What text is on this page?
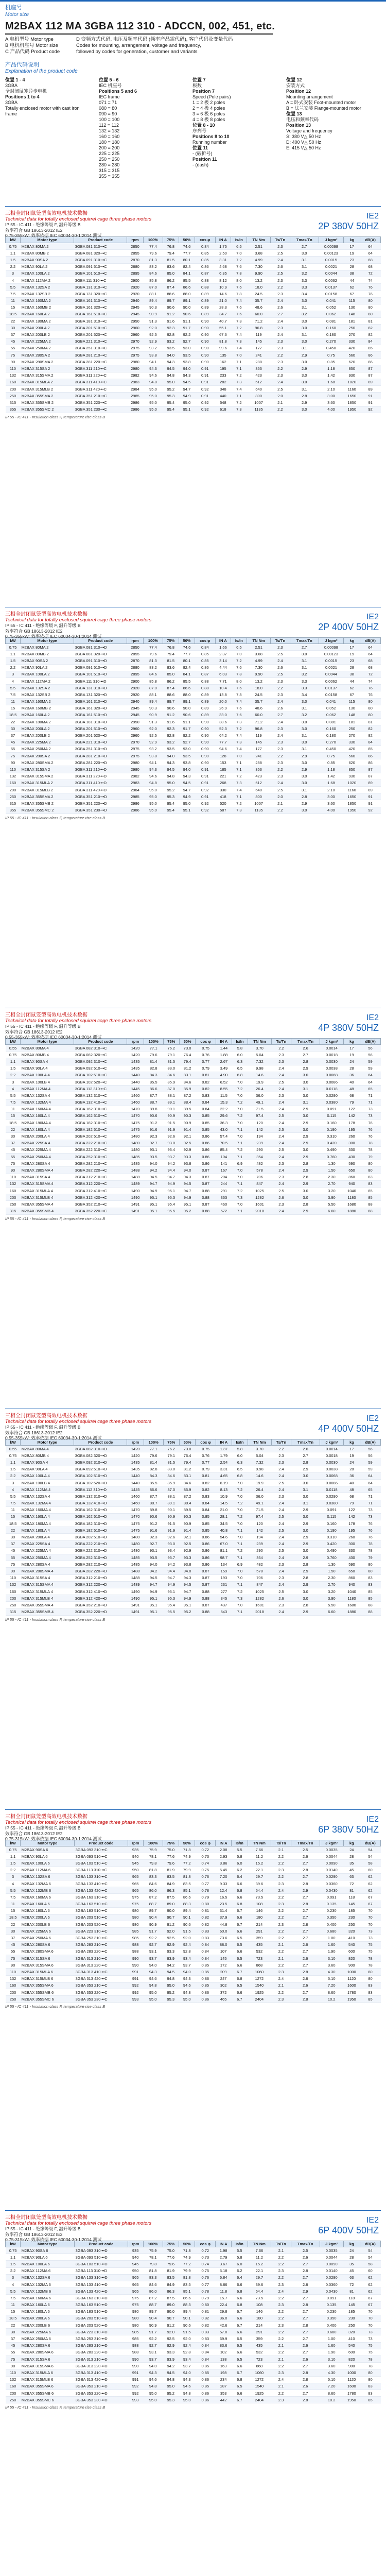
机座号
Motor size
M2BAX 112 MA 3GBA 112 310 - ADCCN, 002, 451, etc.
A 电机型号 Motor type
B 电机机座号 Motor size
C 产品代码 Product code
D 变频方式代码, 电压及频率代码 (频率产品需代码), 客户代码及变量代码
Codes for mounting, arrangement, voltage and frequency,
followed by codes for generation, customer and variants
产品代码说明
Explanation of the product code
位置 1 - 4
3GBA
全封闭鼠笼异步电机
Positions 1 to 4
3GBA
Totally enclosed motor with cast iron frame
位置 5 - 6
IEC 机座号
Positions 5 and 6
IEC frame
071 = 71
080 = 80
090 = 90
100 = 100
112 = 112
132 = 132
160 = 160
180 = 180
200 = 200
225 = 225
250 = 250
280 = 280
315 = 315
355 = 355
位置 7
极数
Position 7
Speed (Pole pairs)
1 = 2 极 2 poles
2 = 4 极 4 poles
3 = 6 极 6 poles
4 = 8 极 8 poles
位置 8 - 10
序列号
Positions 8 to 10
Running number
位置 11
- (破折号)
Position 11
- (dash)
位置 12
安装方式
Position 12
Mounting arrangement
A = 卧式安装 Foot-mounted motor
B = 法兰安装 Flange-mounted motor
位置 13
电压和频率代码
Position 13
Voltage and frequency
S: 380 V△ 50 Hz
D: 400 V△ 50 Hz
E: 415 V△ 50 Hz
三相全封闭鼠笼型高效电机技术数据
Technical data for totally enclosed squirrel cage three phase motors
IP 55 - IC 411 - 绝缘等级 F, 温升等级 B
效率符合 GB 18613-2012 IE2
0.75-355kW: 效率依据 IEC 60034-30-1:2014 测试
IE2
2P 380V 50HZ
kW	Motor type	Product code	rpm	100%	75%	50%	cos φ	IN A	Is/In	TN Nm	Ts/Tn	Tmax/Tn	J kgm²	kg	dB(A)
0.75	M2BAX 80MA 2	3GBA 081 310-••C	2850	77.4	76.8	74.6	0.84	1.75	6.5	2.51	2.3	2.7	0.00098	17	64
1.1	M2BAX 80MB 2	3GBA 081 320-••C	2855	79.6	79.4	77.7	0.85	2.50	7.0	3.68	2.5	3.0	0.00123	19	64
1.5	M2BAX 90SA 2	3GBA 091 310-••C	2870	81.3	81.5	80.1	0.85	3.31	7.2	4.99	2.4	3.1	0.0015	23	68
2.2	M2BAX 90LA 2	3GBA 091 510-••C	2880	83.2	83.6	82.4	0.86	4.68	7.6	7.30	2.6	3.1	0.0021	28	68
3	M2BAX 100LA 2	3GBA 101 510-••C	2895	84.6	85.0	84.1	0.87	6.35	7.8	9.90	2.5	3.2	0.0044	38	72
4	M2BAX 112MA 2	3GBA 111 310-••C	2900	85.8	86.2	85.5	0.88	8.12	8.0	13.2	2.3	3.3	0.0062	44	74
5.5	M2BAX 132SA 2	3GBA 131 310-••C	2920	87.0	87.4	86.6	0.88	10.9	7.6	18.0	2.2	3.3	0.0137	62	76
7.5	M2BAX 132SB 2	3GBA 131 320-••C	2920	88.1	88.6	88.0	0.89	14.6	7.8	24.5	2.3	3.4	0.0158	67	76
11	M2BAX 160MA 2	3GBA 161 310-••C	2940	89.4	89.7	89.1	0.89	21.0	7.4	35.7	2.4	3.0	0.041	115	80
15	M2BAX 160MB 2	3GBA 161 320-••C	2945	90.3	90.6	90.0	0.89	28.3	7.6	48.6	2.6	3.1	0.052	130	80
18.5	M2BAX 160LA 2	3GBA 161 510-••C	2945	90.9	91.2	90.6	0.89	34.7	7.6	60.0	2.7	3.2	0.062	148	80
22	M2BAX 180MA 2	3GBA 181 310-••C	2950	91.3	91.6	91.1	0.90	40.7	7.3	71.2	2.4	3.0	0.081	181	81
30	M2BAX 200LA 2	3GBA 201 510-••C	2960	92.0	92.3	91.7	0.90	55.1	7.2	96.8	2.3	3.0	0.160	250	82
37	M2BAX 200LB 2	3GBA 201 520-••C	2960	92.5	92.8	92.2	0.90	67.6	7.4	119	2.4	3.1	0.180	270	82
45	M2BAX 225MA 2	3GBA 221 310-••C	2970	92.9	93.2	92.7	0.90	81.8	7.3	145	2.3	3.0	0.270	330	84
55	M2BAX 250MA 2	3GBA 251 310-••C	2975	93.2	93.5	93.0	0.90	99.6	7.4	177	2.3	3.1	0.450	420	85
75	M2BAX 280SA 2	3GBA 281 210-••C	2975	93.8	94.0	93.5	0.90	135	7.0	241	2.2	2.9	0.75	560	86
90	M2BAX 280SMA 2	3GBA 281 220-••C	2980	94.1	94.3	93.8	0.90	162	7.1	288	2.3	3.0	0.85	620	86
110	M2BAX 315SA 2	3GBA 311 210-••C	2980	94.3	94.5	94.0	0.91	195	7.1	353	2.2	2.9	1.18	850	87
132	M2BAX 315SMA 2	3GBA 311 220-••C	2982	94.6	94.8	94.3	0.91	233	7.2	423	2.3	3.0	1.42	930	87
160	M2BAX 315MLA 2	3GBA 311 410-••C	2983	94.8	95.0	94.5	0.91	282	7.3	512	2.4	3.0	1.68	1020	89
200	M2BAX 315MLB 2	3GBA 311 420-••C	2984	95.0	95.2	94.7	0.92	348	7.4	640	2.5	3.1	2.10	1160	89
250	M2BAX 355SMA 2	3GBA 351 210-••C	2985	95.0	95.3	94.9	0.91	440	7.1	800	2.0	2.8	3.00	1650	91
315	M2BAX 355SMB 2	3GBA 351 220-••C	2986	95.0	95.4	95.0	0.92	548	7.2	1007	2.1	2.9	3.60	1850	91
355	M2BAX 355SMC 2	3GBA 351 230-••C	2986	95.0	95.4	95.1	0.92	618	7.3	1135	2.2	3.0	4.00	1950	92
IP 55 - IC 411 - Insulation class F, temperature rise class B
三相全封闭鼠笼型高效电机技术数据
Technical data for totally enclosed squirrel cage three phase motors
IP 55 - IC 411 - 绝缘等级 F, 温升等级 B
效率符合 GB 18613-2012 IE2
0.75-355kW: 效率依据 IEC 60034-30-1:2014 测试
IE2
2P 400V 50HZ
kW	Motor type	Product code	rpm	100%	75%	50%	cos φ	IN A	Is/In	TN Nm	Ts/Tn	Tmax/Tn	J kgm²	kg	dB(A)
0.75	M2BAX 80MA 2	3GBA 081 310-••D	2850	77.4	76.8	74.6	0.84	1.66	6.5	2.51	2.3	2.7	0.00098	17	64
1.1	M2BAX 80MB 2	3GBA 081 320-••D	2855	79.6	79.4	77.7	0.85	2.37	7.0	3.68	2.5	3.0	0.00123	19	64
1.5	M2BAX 90SA 2	3GBA 091 310-••D	2870	81.3	81.5	80.1	0.85	3.14	7.2	4.99	2.4	3.1	0.0015	23	68
2.2	M2BAX 90LA 2	3GBA 091 510-••D	2880	83.2	83.6	82.4	0.86	4.44	7.6	7.30	2.6	3.1	0.0021	28	68
3	M2BAX 100LA 2	3GBA 101 510-••D	2895	84.6	85.0	84.1	0.87	6.03	7.8	9.90	2.5	3.2	0.0044	38	72
4	M2BAX 112MA 2	3GBA 111 310-••D	2900	85.8	86.2	85.5	0.88	7.71	8.0	13.2	2.3	3.3	0.0062	44	74
5.5	M2BAX 132SA 2	3GBA 131 310-••D	2920	87.0	87.4	86.6	0.88	10.4	7.6	18.0	2.2	3.3	0.0137	62	76
7.5	M2BAX 132SB 2	3GBA 131 320-••D	2920	88.1	88.6	88.0	0.89	13.8	7.8	24.5	2.3	3.4	0.0158	67	76
11	M2BAX 160MA 2	3GBA 161 310-••D	2940	89.4	89.7	89.1	0.89	20.0	7.4	35.7	2.4	3.0	0.041	115	80
15	M2BAX 160MB 2	3GBA 161 320-••D	2945	90.3	90.6	90.0	0.89	26.9	7.6	48.6	2.6	3.1	0.052	130	80
18.5	M2BAX 160LA 2	3GBA 161 510-••D	2945	90.9	91.2	90.6	0.89	33.0	7.6	60.0	2.7	3.2	0.062	148	80
22	M2BAX 180MA 2	3GBA 181 310-••D	2950	91.3	91.6	91.1	0.90	38.6	7.3	71.2	2.4	3.0	0.081	181	81
30	M2BAX 200LA 2	3GBA 201 510-••D	2960	92.0	92.3	91.7	0.90	52.3	7.2	96.8	2.3	3.0	0.160	250	82
37	M2BAX 200LB 2	3GBA 201 520-••D	2960	92.5	92.8	92.2	0.90	64.2	7.4	119	2.4	3.1	0.180	270	82
45	M2BAX 225MA 2	3GBA 221 310-••D	2970	92.9	93.2	92.7	0.90	77.7	7.3	145	2.3	3.0	0.270	330	84
55	M2BAX 250MA 2	3GBA 251 310-••D	2975	93.2	93.5	93.0	0.90	94.6	7.4	177	2.3	3.1	0.450	420	85
75	M2BAX 280SA 2	3GBA 281 210-••D	2975	93.8	94.0	93.5	0.90	128	7.0	241	2.2	2.9	0.75	560	86
90	M2BAX 280SMA 2	3GBA 281 220-••D	2980	94.1	94.3	93.8	0.90	153	7.1	288	2.3	3.0	0.85	620	86
110	M2BAX 315SA 2	3GBA 311 210-••D	2980	94.3	94.5	94.0	0.91	185	7.1	353	2.2	2.9	1.18	850	87
132	M2BAX 315SMA 2	3GBA 311 220-••D	2982	94.6	94.8	94.3	0.91	221	7.2	423	2.3	3.0	1.42	930	87
160	M2BAX 315MLA 2	3GBA 311 410-••D	2983	94.8	95.0	94.5	0.91	268	7.3	512	2.4	3.0	1.68	1020	89
200	M2BAX 315MLB 2	3GBA 311 420-••D	2984	95.0	95.2	94.7	0.92	330	7.4	640	2.5	3.1	2.10	1160	89
250	M2BAX 355SMA 2	3GBA 351 210-••D	2985	95.0	95.3	94.9	0.91	418	7.1	800	2.0	2.8	3.00	1650	91
315	M2BAX 355SMB 2	3GBA 351 220-••D	2986	95.0	95.4	95.0	0.92	520	7.2	1007	2.1	2.9	3.60	1850	91
355	M2BAX 355SMC 2	3GBA 351 230-••D	2986	95.0	95.4	95.1	0.92	587	7.3	1135	2.2	3.0	4.00	1950	92
IP 55 - IC 411 - Insulation class F, temperature rise class B
三相全封闭鼠笼型高效电机技术数据
Technical data for totally enclosed squirrel cage three phase motors
IP 55 - IC 411 - 绝缘等级 F, 温升等级 B
效率符合 GB 18613-2012 IE2
0.55-355kW: 效率依据 IEC 60034-30-1:2014 测试
IE2
4P 380V 50HZ
kW	Motor type	Product code	rpm	100%	75%	50%	cos φ	IN A	Is/In	TN Nm	Ts/Tn	Tmax/Tn	J kgm²	kg	dB(A)
0.55	M2BAX 80MA 4	3GBA 082 310-••C	1420	77.1	76.2	73.0	0.75	1.44	5.8	3.70	2.2	2.6	0.0014	17	56
0.75	M2BAX 80MB 4	3GBA 082 320-••C	1420	79.6	79.1	76.4	0.76	1.88	6.0	5.04	2.3	2.7	0.0018	19	56
1.1	M2BAX 90SA 4	3GBA 092 310-••C	1435	81.4	81.5	79.4	0.77	2.67	6.3	7.32	2.3	2.8	0.0030	24	59
1.5	M2BAX 90LA 4	3GBA 092 510-••C	1435	82.8	83.0	81.2	0.79	3.49	6.5	9.98	2.4	2.9	0.0038	28	59
2.2	M2BAX 100LA 4	3GBA 102 510-••C	1440	84.3	84.6	83.1	0.81	4.90	6.8	14.6	2.4	3.0	0.0068	36	64
3	M2BAX 100LB 4	3GBA 102 520-••C	1440	85.5	85.9	84.6	0.82	6.52	7.0	19.9	2.5	3.0	0.0086	40	64
4	M2BAX 112MA 4	3GBA 112 310-••C	1445	86.6	87.0	85.9	0.82	8.55	7.2	26.4	2.4	3.1	0.0118	48	65
5.5	M2BAX 132SA 4	3GBA 132 310-••C	1460	87.7	88.1	87.2	0.83	11.5	7.0	36.0	2.3	3.0	0.0290	68	71
7.5	M2BAX 132MA 4	3GBA 132 410-••C	1460	88.7	89.1	88.4	0.84	15.3	7.2	49.1	2.4	3.1	0.0380	79	71
11	M2BAX 160MA 4	3GBA 162 310-••C	1470	89.8	90.1	89.5	0.84	22.2	7.0	71.5	2.4	2.9	0.091	122	73
15	M2BAX 160LA 4	3GBA 162 510-••C	1470	90.6	90.9	90.3	0.85	29.6	7.2	97.4	2.5	3.0	0.115	142	73
18.5	M2BAX 180MA 4	3GBA 182 310-••C	1475	91.2	91.5	90.9	0.85	36.3	7.0	120	2.4	2.9	0.160	178	76
22	M2BAX 180LA 4	3GBA 182 510-••C	1475	91.6	91.9	91.4	0.85	43.0	7.1	142	2.5	3.0	0.190	195	76
30	M2BAX 200LA 4	3GBA 202 510-••C	1480	92.3	92.6	92.1	0.86	57.4	7.0	194	2.4	2.9	0.310	260	76
37	M2BAX 225SA 4	3GBA 222 210-••C	1480	92.7	93.0	92.5	0.86	70.5	7.1	239	2.4	2.9	0.420	300	78
45	M2BAX 225MA 4	3GBA 222 310-••C	1480	93.1	93.4	92.9	0.86	85.4	7.2	290	2.5	3.0	0.490	330	78
55	M2BAX 250MA 4	3GBA 252 310-••C	1485	93.5	93.7	93.3	0.86	104	7.1	354	2.4	2.9	0.760	430	79
75	M2BAX 280SA 4	3GBA 282 210-••C	1485	94.0	94.2	93.8	0.86	141	6.9	482	2.3	2.8	1.30	590	80
90	M2BAX 280SMA 4	3GBA 282 220-••C	1488	94.2	94.4	94.0	0.87	167	7.0	578	2.4	2.9	1.50	650	80
110	M2BAX 315SA 4	3GBA 312 210-••C	1488	94.5	94.7	94.3	0.87	204	7.0	706	2.3	2.8	2.30	860	83
132	M2BAX 315SMA 4	3GBA 312 220-••C	1489	94.7	94.9	94.5	0.87	244	7.1	847	2.4	2.9	2.70	940	83
160	M2BAX 315MLA 4	3GBA 312 410-••C	1490	94.9	95.1	94.7	0.88	291	7.2	1025	2.5	3.0	3.20	1040	85
200	M2BAX 315MLB 4	3GBA 312 420-••C	1490	95.1	95.3	94.9	0.88	363	7.3	1282	2.6	3.0	3.90	1180	85
250	M2BAX 355SMA 4	3GBA 352 210-••C	1491	95.1	95.4	95.1	0.87	460	7.0	1601	2.3	2.8	5.50	1680	88
315	M2BAX 355SMB 4	3GBA 352 220-••C	1491	95.1	95.5	95.2	0.88	572	7.1	2018	2.4	2.9	6.60	1880	88
IP 55 - IC 411 - Insulation class F, temperature rise class B
三相全封闭鼠笼型高效电机技术数据
Technical data for totally enclosed squirrel cage three phase motors
IP 55 - IC 411 - 绝缘等级 F, 温升等级 B
效率符合 GB 18613-2012 IE2
0.55-355kW: 效率依据 IEC 60034-30-1:2014 测试
IE2
4P 400V 50HZ
kW	Motor type	Product code	rpm	100%	75%	50%	cos φ	IN A	Is/In	TN Nm	Ts/Tn	Tmax/Tn	J kgm²	kg	dB(A)
0.55	M2BAX 80MA 4	3GBA 082 310-••D	1420	77.1	76.2	73.0	0.75	1.37	5.8	3.70	2.2	2.6	0.0014	17	56
0.75	M2BAX 80MB 4	3GBA 082 320-••D	1420	79.6	79.1	76.4	0.76	1.79	6.0	5.04	2.3	2.7	0.0018	19	56
1.1	M2BAX 90SA 4	3GBA 092 310-••D	1435	81.4	81.5	79.4	0.77	2.54	6.3	7.32	2.3	2.8	0.0030	24	59
1.5	M2BAX 90LA 4	3GBA 092 510-••D	1435	82.8	83.0	81.2	0.79	3.31	6.5	9.98	2.4	2.9	0.0038	28	59
2.2	M2BAX 100LA 4	3GBA 102 510-••D	1440	84.3	84.6	83.1	0.81	4.65	6.8	14.6	2.4	3.0	0.0068	36	64
3	M2BAX 100LB 4	3GBA 102 520-••D	1440	85.5	85.9	84.6	0.82	6.19	7.0	19.9	2.5	3.0	0.0086	40	64
4	M2BAX 112MA 4	3GBA 112 310-••D	1445	86.6	87.0	85.9	0.82	8.13	7.2	26.4	2.4	3.1	0.0118	48	65
5.5	M2BAX 132SA 4	3GBA 132 310-••D	1460	87.7	88.1	87.2	0.83	10.9	7.0	36.0	2.3	3.0	0.0290	68	71
7.5	M2BAX 132MA 4	3GBA 132 410-••D	1460	88.7	89.1	88.4	0.84	14.5	7.2	49.1	2.4	3.1	0.0380	79	71
11	M2BAX 160MA 4	3GBA 162 310-••D	1470	89.8	90.1	89.5	0.84	21.0	7.0	71.5	2.4	2.9	0.091	122	73
15	M2BAX 160LA 4	3GBA 162 510-••D	1470	90.6	90.9	90.3	0.85	28.1	7.2	97.4	2.5	3.0	0.115	142	73
18.5	M2BAX 180MA 4	3GBA 182 310-••D	1475	91.2	91.5	90.9	0.85	34.5	7.0	120	2.4	2.9	0.160	178	76
22	M2BAX 180LA 4	3GBA 182 510-••D	1475	91.6	91.9	91.4	0.85	40.8	7.1	142	2.5	3.0	0.190	195	76
30	M2BAX 200LA 4	3GBA 202 510-••D	1480	92.3	92.6	92.1	0.86	54.6	7.0	194	2.4	2.9	0.310	260	76
37	M2BAX 225SA 4	3GBA 222 210-••D	1480	92.7	93.0	92.5	0.86	67.0	7.1	239	2.4	2.9	0.420	300	78
45	M2BAX 225MA 4	3GBA 222 310-••D	1480	93.1	93.4	92.9	0.86	81.1	7.2	290	2.5	3.0	0.490	330	78
55	M2BAX 250MA 4	3GBA 252 310-••D	1485	93.5	93.7	93.3	0.86	98.7	7.1	354	2.4	2.9	0.760	430	79
75	M2BAX 280SA 4	3GBA 282 210-••D	1485	94.0	94.2	93.8	0.86	134	6.9	482	2.3	2.8	1.30	590	80
90	M2BAX 280SMA 4	3GBA 282 220-••D	1488	94.2	94.4	94.0	0.87	159	7.0	578	2.4	2.9	1.50	650	80
110	M2BAX 315SA 4	3GBA 312 210-••D	1488	94.5	94.7	94.3	0.87	193	7.0	706	2.3	2.8	2.30	860	83
132	M2BAX 315SMA 4	3GBA 312 220-••D	1489	94.7	94.9	94.5	0.87	231	7.1	847	2.4	2.9	2.70	940	83
160	M2BAX 315MLA 4	3GBA 312 410-••D	1490	94.9	95.1	94.7	0.88	277	7.2	1025	2.5	3.0	3.20	1040	85
200	M2BAX 315MLB 4	3GBA 312 420-••D	1490	95.1	95.3	94.9	0.88	345	7.3	1282	2.6	3.0	3.90	1180	85
250	M2BAX 355SMA 4	3GBA 352 210-••D	1491	95.1	95.4	95.1	0.87	437	7.0	1601	2.3	2.8	5.50	1680	88
315	M2BAX 355SMB 4	3GBA 352 220-••D	1491	95.1	95.5	95.2	0.88	543	7.1	2018	2.4	2.9	6.60	1880	88
IP 55 - IC 411 - Insulation class F, temperature rise class B
三相全封闭鼠笼型高效电机技术数据
Technical data for totally enclosed squirrel cage three phase motors
IP 55 - IC 411 - 绝缘等级 F, 温升等级 B
效率符合 GB 18613-2012 IE2
0.75-315kW: 效率依据 IEC 60034-30-1:2014 测试
IE2
6P 380V 50HZ
kW	Motor type	Product code	rpm	100%	75%	50%	cos φ	IN A	Is/In	TN Nm	Ts/Tn	Tmax/Tn	J kgm²	kg	dB(A)
0.75	M2BAX 90SA 6	3GBA 093 310-••C	935	75.9	75.0	71.8	0.72	2.08	5.5	7.66	2.1	2.5	0.0035	24	54
1.1	M2BAX 90LA 6	3GBA 093 510-••C	940	78.1	77.6	74.9	0.73	2.93	5.8	11.2	2.2	2.6	0.0044	28	54
1.5	M2BAX 100LA 6	3GBA 103 510-••C	945	79.8	79.6	77.2	0.74	3.86	6.0	15.2	2.2	2.7	0.0090	35	58
2.2	M2BAX 112MA 6	3GBA 113 310-••C	950	81.8	81.9	79.9	0.75	5.45	6.2	22.1	2.3	2.8	0.0140	45	60
3	M2BAX 132SA 6	3GBA 133 310-••C	965	83.3	83.5	81.8	0.76	7.20	6.4	29.7	2.2	2.7	0.0290	63	62
4	M2BAX 132MA 6	3GBA 133 410-••C	965	84.6	84.9	83.5	0.77	9.33	6.6	39.6	2.3	2.8	0.0360	72	62
5.5	M2BAX 132MB 6	3GBA 133 420-••C	965	86.0	86.3	85.1	0.78	12.4	6.8	54.4	2.4	2.9	0.0430	81	62
7.5	M2BAX 160MA 6	3GBA 163 310-••C	975	87.2	87.5	86.6	0.79	16.5	6.6	73.5	2.2	2.7	0.091	118	67
11	M2BAX 160LA 6	3GBA 163 510-••C	975	88.7	89.0	88.3	0.80	23.5	6.8	108	2.3	2.8	0.135	145	67
15	M2BAX 180LA 6	3GBA 183 510-••C	980	89.7	90.0	89.4	0.81	31.4	6.7	146	2.2	2.7	0.230	185	70
18.5	M2BAX 200LA 6	3GBA 203 510-••C	980	90.4	90.7	90.1	0.82	37.9	6.6	180	2.2	2.7	0.350	230	70
22	M2BAX 200LB 6	3GBA 203 520-••C	980	90.9	91.2	90.6	0.82	44.8	6.7	214	2.3	2.8	0.400	250	70
30	M2BAX 225MA 6	3GBA 223 310-••C	985	91.7	92.0	91.5	0.83	60.0	6.6	291	2.2	2.7	0.680	320	73
37	M2BAX 250MA 6	3GBA 253 310-••C	985	92.2	92.5	92.0	0.83	73.6	6.5	359	2.2	2.7	1.00	410	73
45	M2BAX 280SA 6	3GBA 283 210-••C	988	92.7	92.9	92.4	0.84	88.0	6.5	435	2.1	2.6	1.60	540	75
55	M2BAX 280SMA 6	3GBA 283 220-••C	988	93.1	93.3	92.8	0.84	107	6.6	532	2.2	2.7	1.90	600	75
75	M2BAX 315SA 6	3GBA 313 210-••C	990	93.7	93.9	93.4	0.84	145	6.5	723	2.1	2.6	3.10	820	78
90	M2BAX 315SMA 6	3GBA 313 220-••C	990	94.0	94.2	93.7	0.85	172	6.6	868	2.2	2.7	3.60	900	78
110	M2BAX 315MLA 6	3GBA 313 410-••C	991	94.3	94.5	94.0	0.85	209	6.7	1060	2.3	2.8	4.30	1000	80
132	M2BAX 315MLB 6	3GBA 313 420-••C	991	94.6	94.8	94.3	0.86	247	6.8	1272	2.4	2.8	5.10	1120	80
160	M2BAX 355SMA 6	3GBA 353 210-••C	992	94.8	95.0	94.6	0.85	302	6.5	1540	2.1	2.6	7.20	1600	83
200	M2BAX 355SMB 6	3GBA 353 220-••C	992	95.0	95.2	94.8	0.86	372	6.6	1925	2.2	2.7	8.60	1780	83
250	M2BAX 355SMC 6	3GBA 353 230-••C	993	95.0	95.3	95.0	0.86	465	6.7	2404	2.3	2.8	10.2	1950	85
IP 55 - IC 411 - Insulation class F, temperature rise class B
三相全封闭鼠笼型高效电机技术数据
Technical data for totally enclosed squirrel cage three phase motors
IP 55 - IC 411 - 绝缘等级 F, 温升等级 B
效率符合 GB 18613-2012 IE2
0.75-315kW: 效率依据 IEC 60034-30-1:2014 测试
IE2
6P 400V 50HZ
kW	Motor type	Product code	rpm	100%	75%	50%	cos φ	IN A	Is/In	TN Nm	Ts/Tn	Tmax/Tn	J kgm²	kg	dB(A)
0.75	M2BAX 90SA 6	3GBA 093 310-••D	935	75.9	75.0	71.8	0.72	1.98	5.5	7.66	2.1	2.5	0.0035	24	54
1.1	M2BAX 90LA 6	3GBA 093 510-••D	940	78.1	77.6	74.9	0.73	2.79	5.8	11.2	2.2	2.6	0.0044	28	54
1.5	M2BAX 100LA 6	3GBA 103 510-••D	945	79.8	79.6	77.2	0.74	3.67	6.0	15.2	2.2	2.7	0.0090	35	58
2.2	M2BAX 112MA 6	3GBA 113 310-••D	950	81.8	81.9	79.9	0.75	5.18	6.2	22.1	2.3	2.8	0.0140	45	60
3	M2BAX 132SA 6	3GBA 133 310-••D	965	83.3	83.5	81.8	0.76	6.84	6.4	29.7	2.2	2.7	0.0290	63	62
4	M2BAX 132MA 6	3GBA 133 410-••D	965	84.6	84.9	83.5	0.77	8.86	6.6	39.6	2.3	2.8	0.0360	72	62
5.5	M2BAX 132MB 6	3GBA 133 420-••D	965	86.0	86.3	85.1	0.78	11.8	6.8	54.4	2.4	2.9	0.0430	81	62
7.5	M2BAX 160MA 6	3GBA 163 310-••D	975	87.2	87.5	86.6	0.79	15.7	6.6	73.5	2.2	2.7	0.091	118	67
11	M2BAX 160LA 6	3GBA 163 510-••D	975	88.7	89.0	88.3	0.80	22.4	6.8	108	2.3	2.8	0.135	145	67
15	M2BAX 180LA 6	3GBA 183 510-••D	980	89.7	90.0	89.4	0.81	29.8	6.7	146	2.2	2.7	0.230	185	70
18.5	M2BAX 200LA 6	3GBA 203 510-••D	980	90.4	90.7	90.1	0.82	36.0	6.6	180	2.2	2.7	0.350	230	70
22	M2BAX 200LB 6	3GBA 203 520-••D	980	90.9	91.2	90.6	0.82	42.6	6.7	214	2.3	2.8	0.400	250	70
30	M2BAX 225MA 6	3GBA 223 310-••D	985	91.7	92.0	91.5	0.83	57.0	6.6	291	2.2	2.7	0.680	320	73
37	M2BAX 250MA 6	3GBA 253 310-••D	985	92.2	92.5	92.0	0.83	69.9	6.5	359	2.2	2.7	1.00	410	73
45	M2BAX 280SA 6	3GBA 283 210-••D	988	92.7	92.9	92.4	0.84	83.6	6.5	435	2.1	2.6	1.60	540	75
55	M2BAX 280SMA 6	3GBA 283 220-••D	988	93.1	93.3	92.8	0.84	102	6.6	532	2.2	2.7	1.90	600	75
75	M2BAX 315SA 6	3GBA 313 210-••D	990	93.7	93.9	93.4	0.84	138	6.5	723	2.1	2.6	3.10	820	78
90	M2BAX 315SMA 6	3GBA 313 220-••D	990	94.0	94.2	93.7	0.85	163	6.6	868	2.2	2.7	3.60	900	78
110	M2BAX 315MLA 6	3GBA 313 410-••D	991	94.3	94.5	94.0	0.85	198	6.7	1060	2.3	2.8	4.30	1000	80
132	M2BAX 315MLB 6	3GBA 313 420-••D	991	94.6	94.8	94.3	0.86	234	6.8	1272	2.4	2.8	5.10	1120	80
160	M2BAX 355SMA 6	3GBA 353 210-••D	992	94.8	95.0	94.6	0.85	287	6.5	1540	2.1	2.6	7.20	1600	83
200	M2BAX 355SMB 6	3GBA 353 220-••D	992	95.0	95.2	94.8	0.86	353	6.6	1925	2.2	2.7	8.60	1780	83
250	M2BAX 355SMC 6	3GBA 353 230-••D	993	95.0	95.3	95.0	0.86	442	6.7	2404	2.3	2.8	10.2	1950	85
IP 55 - IC 411 - Insulation class F, temperature rise class B
